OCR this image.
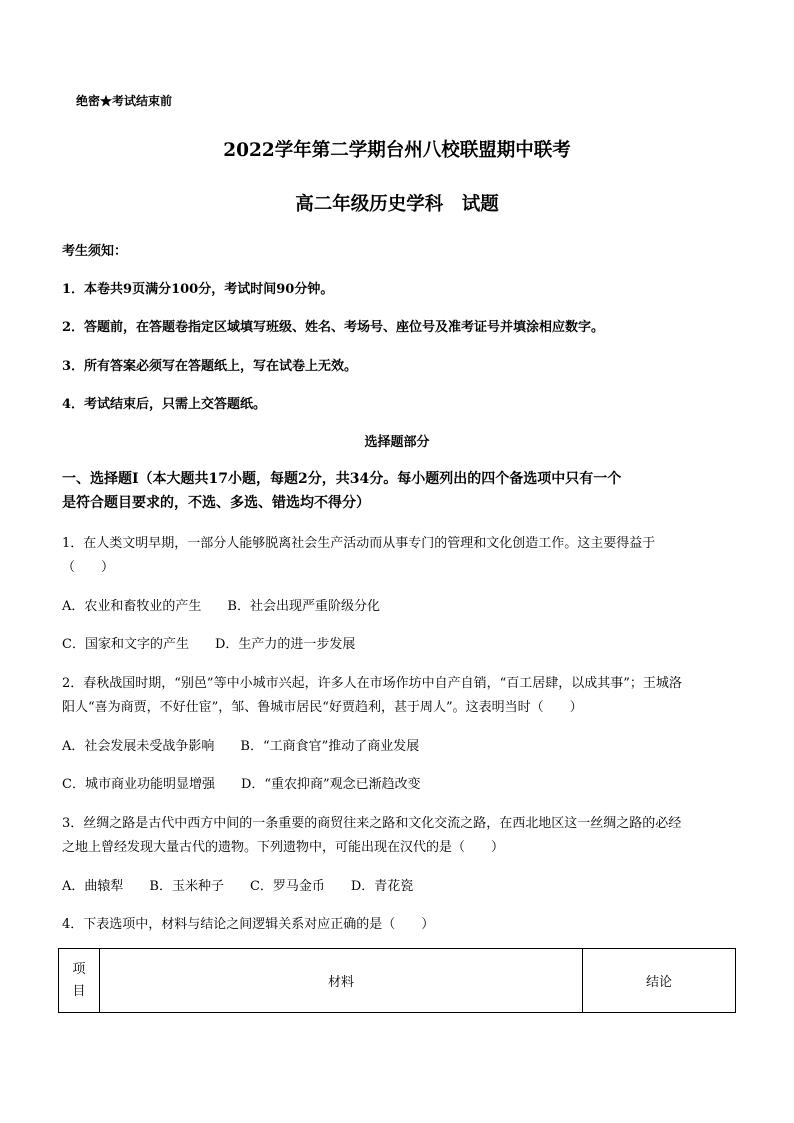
绝密★考试结束前
2022学年第二学期台州八校联盟期中联考
高二年级历史学科　试题
考生须知：
1．本卷共9页满分100分，考试时间90分钟。
2．答题前，在答题卷指定区域填写班级、姓名、考场号、座位号及准考证号并填涂相应数字。
3．所有答案必须写在答题纸上，写在试卷上无效。
4．考试结束后，只需上交答题纸。
选择题部分
一、选择题Ⅰ（本大题共17小题，每题2分，共34分。每小题列出的四个备选项中只有一个
是符合题目要求的，不选、多选、错选均不得分）
1．在人类文明早期，一部分人能够脱离社会生产活动而从事专门的管理和文化创造工作。这主要得益于
（　　）
A．农业和畜牧业的产生　　B．社会出现严重阶级分化
C．国家和文字的产生　　D．生产力的进一步发展
2．春秋战国时期，“别邑”等中小城市兴起，许多人在市场作坊中自产自销，“百工居肆，以成其事”；王城洛
阳人“喜为商贾，不好仕宦”，邹、鲁城市居民“好贾趋利，甚于周人”。这表明当时（　　）
A．社会发展未受战争影响　　B．“工商食官”推动了商业发展
C．城市商业功能明显增强　　D．“重农抑商”观念已渐趋改变
3．丝绸之路是古代中西方中间的一条重要的商贸往来之路和文化交流之路，在西北地区这一丝绸之路的必经
之地上曾经发现大量古代的遗物。下列遗物中，可能出现在汉代的是（　　）
A．曲辕犁　　B．玉米种子　　C．罗马金币　　D．青花瓷
4．下表选项中，材料与结论之间逻辑关系对应正确的是（　　）
项
目
	材料	结论
